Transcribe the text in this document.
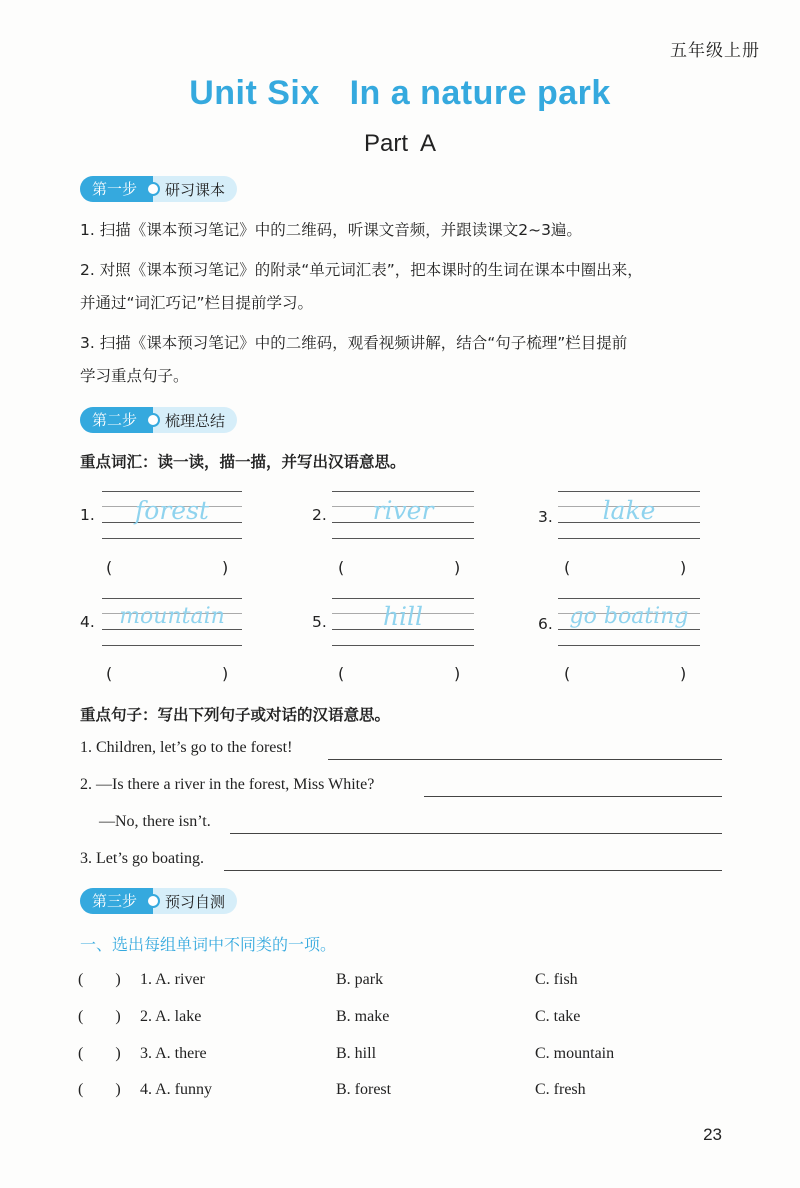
五年级上册
Unit Six In a nature park
Part  A
第一步	研习课本
1. 扫描《课本预习笔记》中的二维码，听课文音频，并跟读课文2~3遍。
2. 对照《课本预习笔记》的附录“单元词汇表”，把本课时的生词在课本中圈出来，
并通过“词汇巧记”栏目提前学习。
3. 扫描《课本预习笔记》中的二维码，观看视频讲解，结合“句子梳理”栏目提前
学习重点句子。
第二步	梳理总结
重点词汇：读一读，描一描，并写出汉语意思。
1.	forest	2.	river	3.	lake
(	)	(	)	(	)
4.	mountain	5.	hill	6. go boating
(	)	(	)	(	)
重点句子：写出下列句子或对话的汉语意思。
1. Children, let’s go to the forest!
2. —Is there a river in the forest, Miss White?
—No, there isn’t.
3. Let’s go boating.
第三步	预习自测
一、选出每组单词中不同类的一项。
(        ) 1. A. river	B. park	C. fish
(        ) 2. A. lake	B. make	C. take
(        ) 3. A. there	B. hill	C. mountain
(        ) 4. A. funny	B. forest	C. fresh
23
